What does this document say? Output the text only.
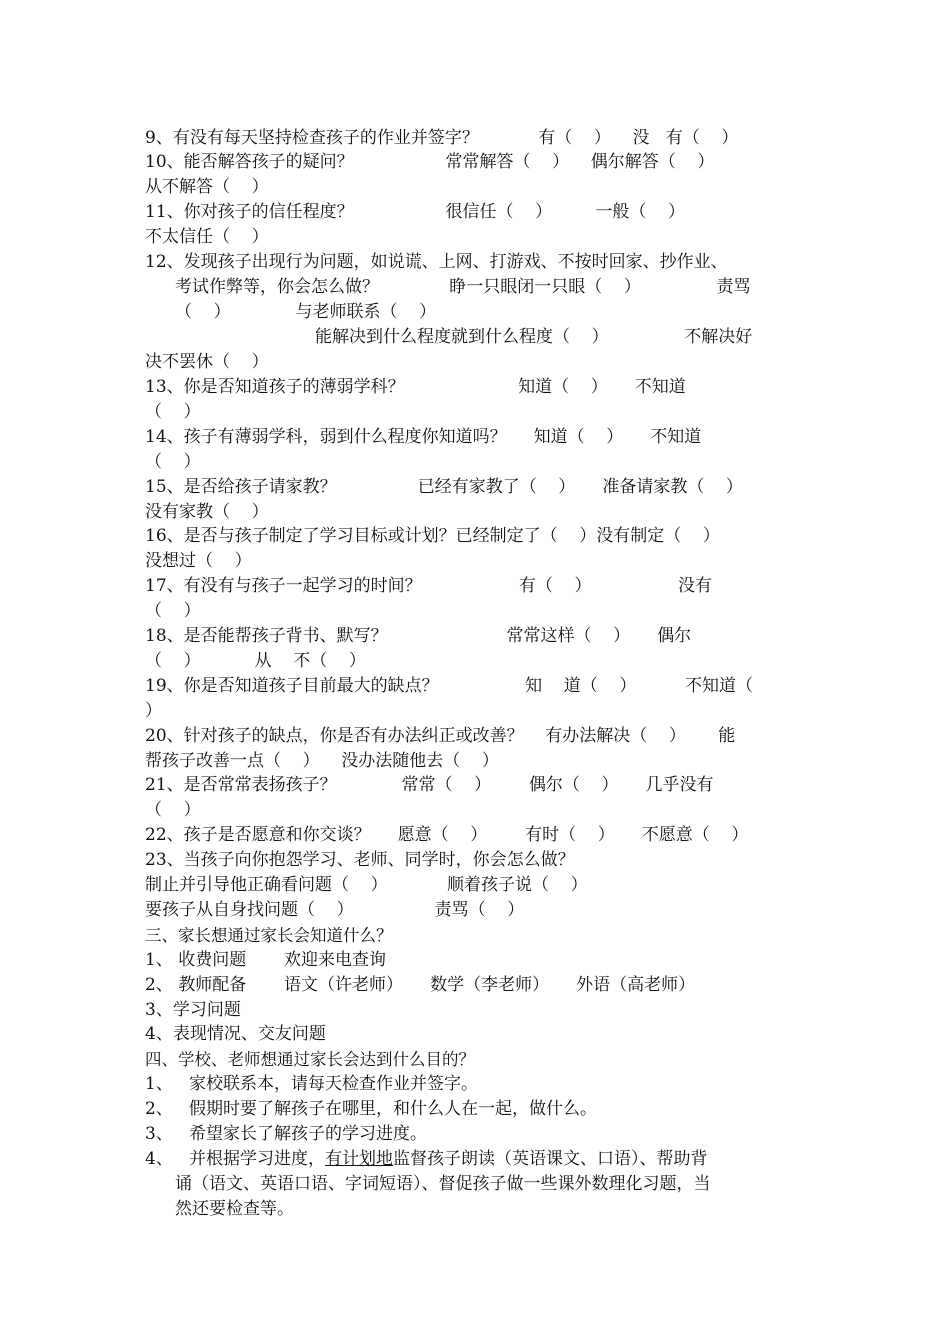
9、有没有每天坚持检查孩子的作业并签字？           有（    ）    没   有（    ）
10、能否解答孩子的疑问？                 常常解答（    ）    偶尔解答（    ）
从不解答（    ）
11、你对孩子的信任程度？                 很信任（    ）        一般（    ）
不太信任（    ）
12、发现孩子出现行为问题，如说谎、上网、打游戏、不按时回家、抄作业、
考试作弊等，你会怎么做？             睁一只眼闭一只眼（    ）              责骂
（    ）            与老师联系（    ）
能解决到什么程度就到什么程度（    ）              不解决好
决不罢休（    ）
13、你是否知道孩子的薄弱学科？                     知道（    ）     不知道
（    ）
14、孩子有薄弱学科，弱到什么程度你知道吗？     知道（    ）     不知道
（    ）
15、是否给孩子请家教？               已经有家教了（    ）     准备请家教（    ）
没有家教（    ）
16、是否与孩子制定了学习目标或计划？已经制定了（    ）没有制定（    ）
没想过（    ）
17、有没有与孩子一起学习的时间？                  有（    ）                没有
（    ）
18、是否能帮孩子背书、默写？                      常常这样（    ）     偶尔
（    ）          从    不（    ）
19、你是否知道孩子目前最大的缺点？                知    道（    ）         不知道（
）
20、针对孩子的缺点，你是否有办法纠正或改善？    有办法解决（    ）      能
帮孩子改善一点（    ）    没办法随他去（    ）
21、是否常常表扬孩子？            常常（    ）       偶尔（    ）     几乎没有
（    ）
22、孩子是否愿意和你交谈？     愿意（    ）       有时（    ）     不愿意（    ）
23、当孩子向你抱怨学习、老师、同学时，你会怎么做？
制止并引导他正确看问题（    ）           顺着孩子说（    ）
要孩子从自身找问题（    ）               责骂（    ）
三、家长想通过家长会知道什么？
1、 收费问题       欢迎来电查询
2、 教师配备       语文（许老师）     数学（李老师）     外语（高老师）
3、学习问题
4、表现情况、交友问题
四、学校、老师想通过家长会达到什么目的？
1、   家校联系本，请每天检查作业并签字。
2、   假期时要了解孩子在哪里，和什么人在一起，做什么。
3、   希望家长了解孩子的学习进度。
4、   并根据学习进度，有计划地监督孩子朗读（英语课文、口语）、帮助背
诵（语文、英语口语、字词短语）、督促孩子做一些课外数理化习题，当
然还要检查等。
